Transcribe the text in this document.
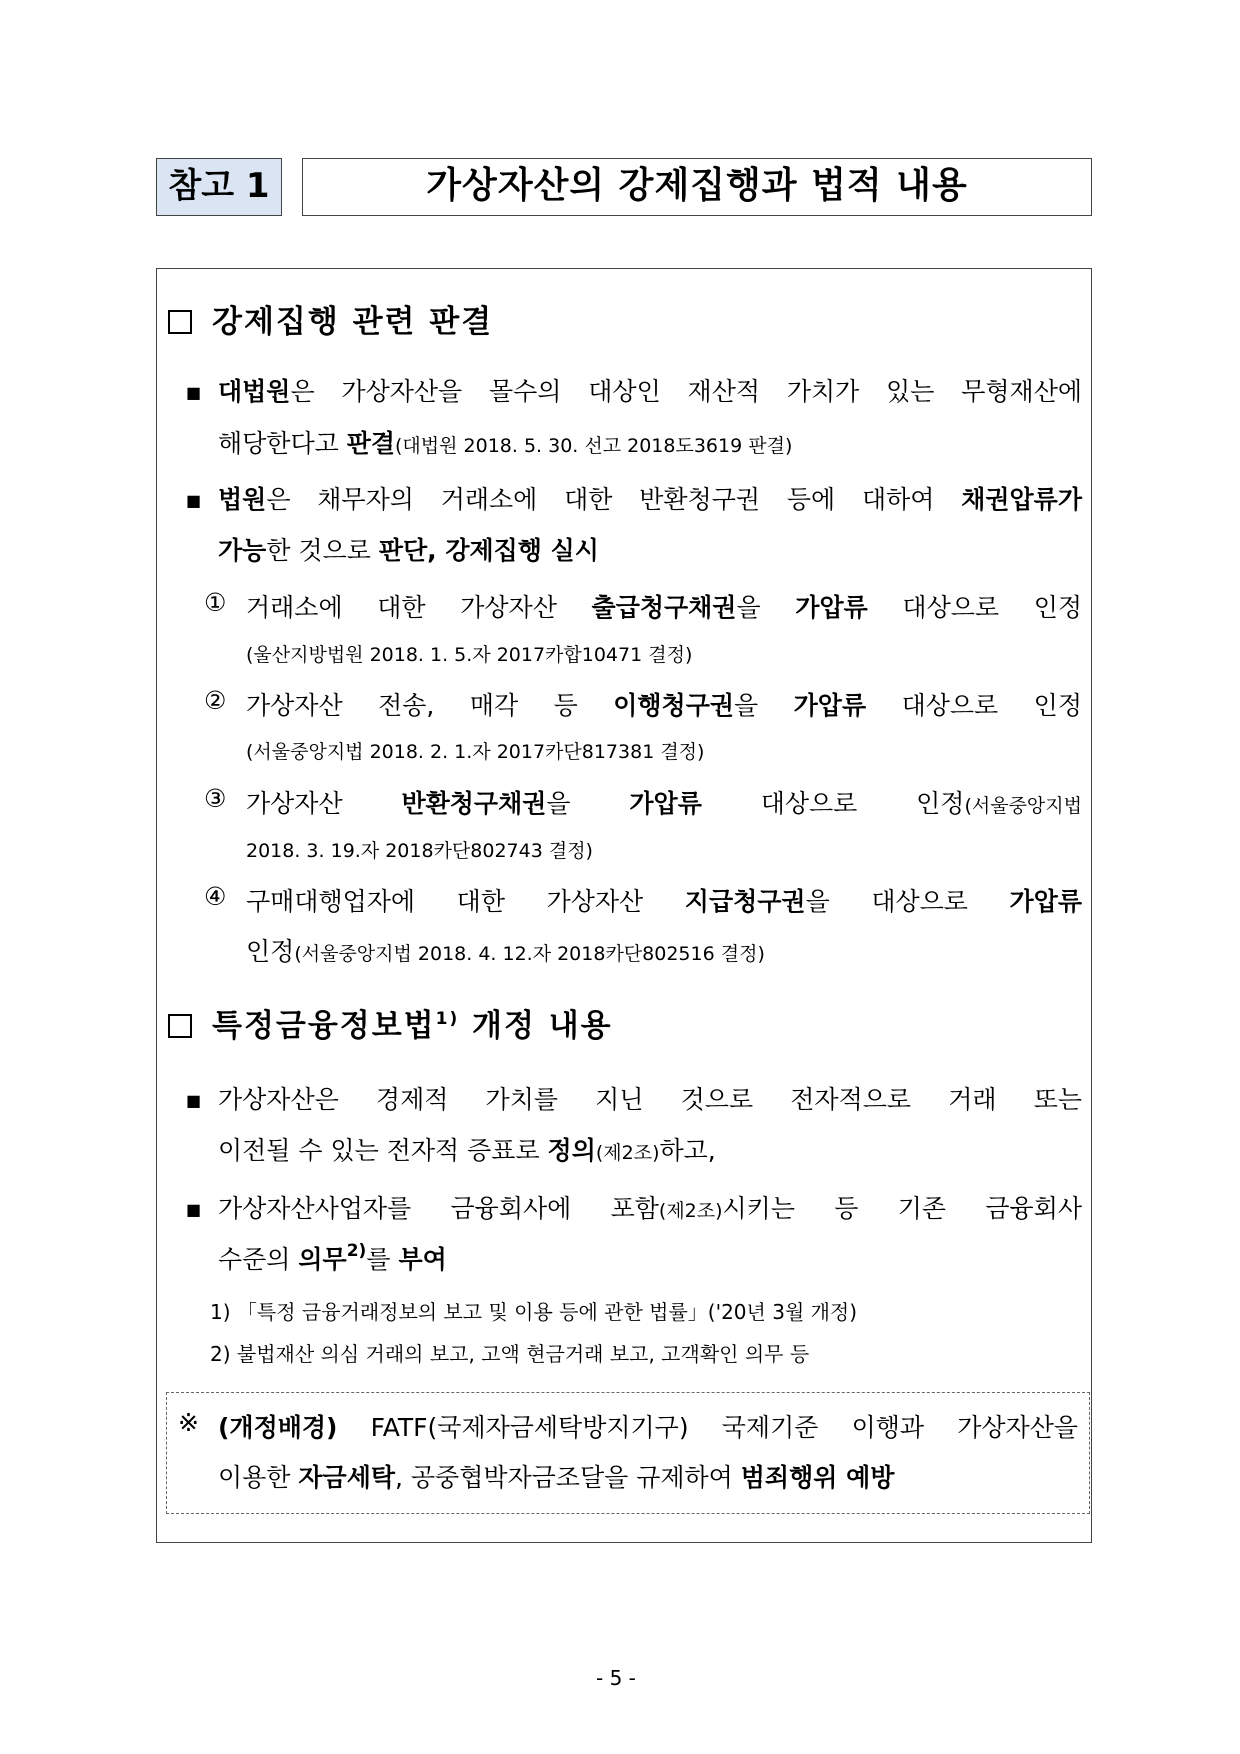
참고 1	가상자산의 강제집행과 법적 내용
강제집행 관련 판결
■ 대법원은 가상자산을 몰수의 대상인 재산적 가치가 있는 무형재산에
해당한다고 판결(대법원 2018. 5. 30. 선고 2018도3619 판결)
■ 법원은 채무자의 거래소에 대한 반환청구권 등에 대하여 채권압류가
가능한 것으로 판단, 강제집행 실시
① 거래소에 대한 가상자산 출급청구채권을 가압류 대상으로 인정
(울산지방법원 2018. 1. 5.자 2017카합10471 결정)
② 가상자산 전송, 매각 등 이행청구권을 가압류 대상으로 인정
(서울중앙지법 2018. 2. 1.자 2017카단817381 결정)
③ 가상자산 반환청구채권을 가압류 대상으로 인정(서울중앙지법
2018. 3. 19.자 2018카단802743 결정)
④ 구매대행업자에 대한 가상자산 지급청구권을 대상으로 가압류
인정(서울중앙지법 2018. 4. 12.자 2018카단802516 결정)
특정금융정보법$^{1)}$ 개정 내용
■ 가상자산은 경제적 가치를 지닌 것으로 전자적으로 거래 또는
이전될 수 있는 전자적 증표로 정의(제2조)하고,
■ 가상자산사업자를 금융회사에 포함(제2조)시키는 등 기존 금융회사
수준의 의무$^{2)}$를 부여
1) 「특정 금융거래정보의 보고 및 이용 등에 관한 법률」('20년 3월 개정)
2) 불법재산 의심 거래의 보고, 고액 현금거래 보고, 고객확인 의무 등
※ (개정배경) FATF(국제자금세탁방지기구) 국제기준 이행과 가상자산을
이용한 자금세탁, 공중협박자금조달을 규제하여 범죄행위 예방
- 5 -
